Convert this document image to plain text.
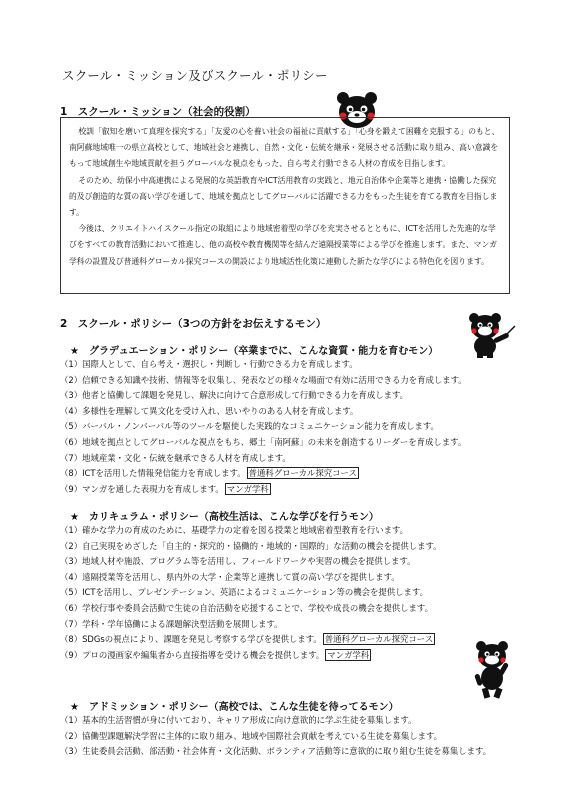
スクール・ミッション及びスクール・ポリシー
1　スクール・ミッション（社会的役割）

校訓「叡知を磨いて真理を探究する」「友愛の心を養い社会の福祉に貢献する」「心身を鍛えて困難を克服する」のもと、南阿蘇地域唯一の県立高校として、地域社会と連携し、自然・文化・伝統を継承・発展させる活動に取り組み、高い意識をもって地域創生や地域貢献を担うグローバルな視点をもった、自ら考え行動できる人材の育成を目指します。

そのため、幼保小中高連携による発展的な英語教育やICT活用教育の実践と、地元自治体や企業等と連携・協働した探究的及び創造的な質の高い学びを通して、地域を拠点としてグローバルに活躍できる力をもった生徒を育てる教育を目指します。

今後は、クリエイトハイスクール指定の取組により地域密着型の学びを充実させるとともに、ICTを活用した先進的な学びをすべての教育活動において推進し、他の高校や教育機関等を結んだ遠隔授業等による学びを推進します。また、マンガ学科の設置及び普通科グローカル探究コースの開設により地域活性化策に連動した新たな学びによる特色化を図ります。

2　スクール・ポリシー（3つの方針をお伝えするモン）
★　グラデュエーション・ポリシー（卒業までに、こんな資質・能力を育むモン）
（1）国際人として、自ら考え・選択し・判断し・行動できる力を育成します。
（2）信頼できる知識や技術、情報等を収集し、発表などの様々な場面で有効に活用できる力を育成します。
（3）他者と協働して課題を発見し、解決に向けて合意形成して行動できる力を育成します。
（4）多様性を理解して異文化を受け入れ、思いやりのある人材を育成します。
（5）バーバル・ノンバーバル等のツールを駆使した実践的なコミュニケーション能力を育成します。
（6）地域を拠点としてグローバルな視点をもち、郷土「南阿蘇」の未来を創造するリーダーを育成します。
（7）地域産業・文化・伝統を継承できる人材を育成します。
（8）ICTを活用した情報発信能力を育成します。 普通科グローカル探究コース
（9）マンガを通した表現力を育成します。 マンガ学科
★　カリキュラム・ポリシー（高校生活は、こんな学びを行うモン）
（1）確かな学力の育成のために、基礎学力の定着を図る授業と地域密着型教育を行います。
（2）自己実現をめざした「自主的・探究的・協働的・地域的・国際的」な活動の機会を提供します。
（3）地域人材や施設、プログラム等を活用し、フィールドワークや実習の機会を提供します。
（4）遠隔授業等を活用し、県内外の大学・企業等と連携して質の高い学びを提供します。
（5）ICTを活用し、プレゼンテーション、英語によるコミュニケーション等の機会を提供します。
（6）学校行事や委員会活動で生徒の自治活動を応援することで、学校や成長の機会を提供します。
（7）学科・学年協働による課題解決型活動を展開します。
（8）SDGsの視点により、課題を発見し考察する学びを提供します。 普通科グローカル探究コース
（9）プロの漫画家や編集者から直接指導を受ける機会を提供します。 マンガ学科
★　アドミッション・ポリシー（高校では、こんな生徒を待ってるモン）
（1）基本的生活習慣が身に付いており、キャリア形成に向け意欲的に学ぶ生徒を募集します。
（2）協働型課題解決学習に主体的に取り組み、地域や国際社会貢献を考えている生徒を募集します。
（3）生徒委員会活動、部活動・社会体育・文化活動、ボランティア活動等に意欲的に取り組む生徒を募集します。
